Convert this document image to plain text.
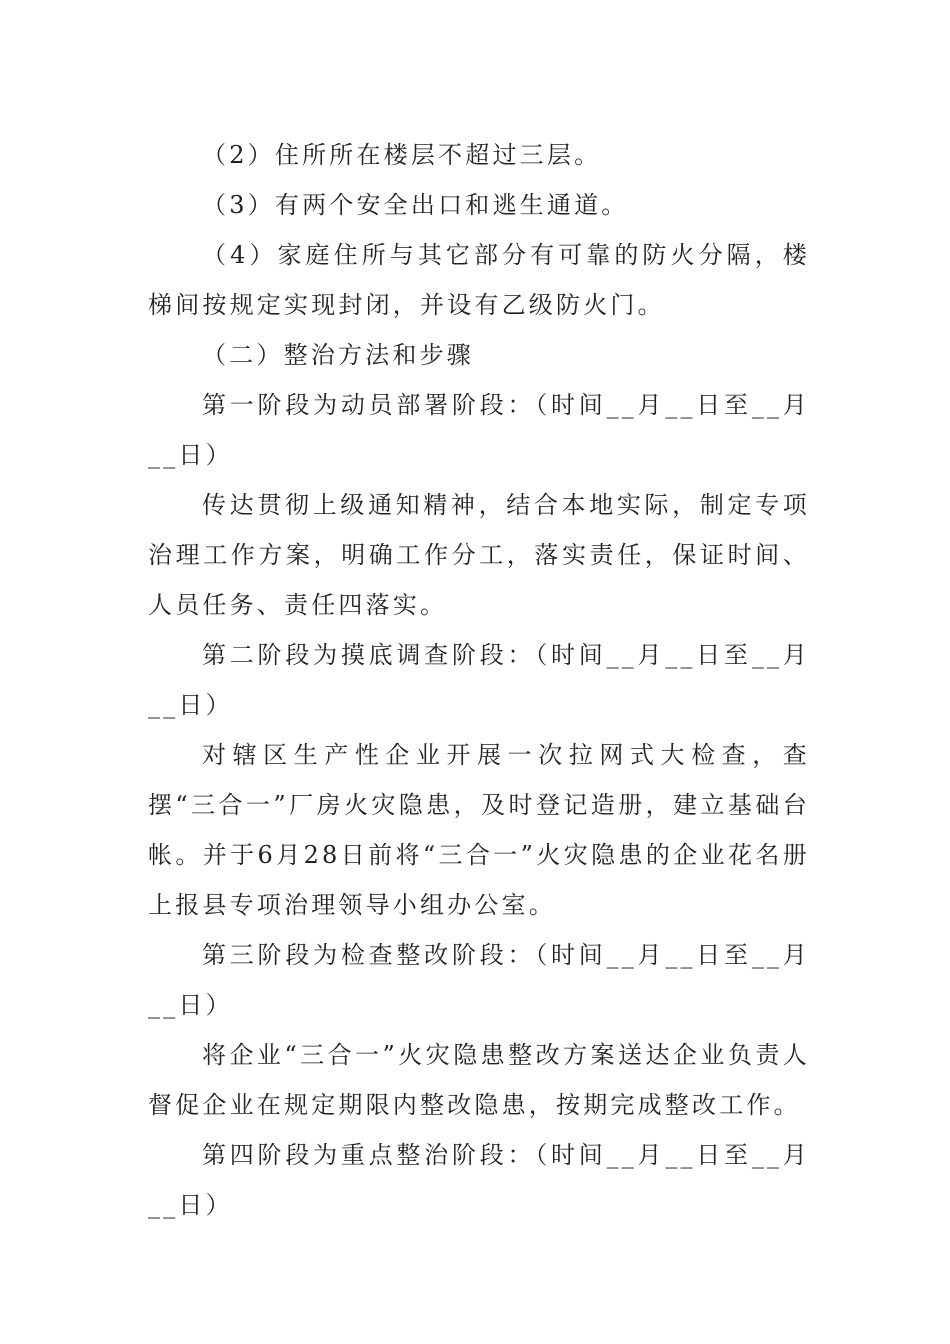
（2）住所所在楼层不超过三层。

（3）有两个安全出口和逃生通道。

（4）家庭住所与其它部分有可靠的防火分隔，楼梯间按规定实现封闭，并设有乙级防火门。

（二）整治方法和步骤

第一阶段为动员部署阶段：（时间__月__日至__月__日）

传达贯彻上级通知精神，结合本地实际，制定专项治理工作方案，明确工作分工，落实责任，保证时间、人员任务、责任四落实。

第二阶段为摸底调查阶段：（时间__月__日至__月__日）

对辖区生产性企业开展一次拉网式大检查，查摆“三合一”厂房火灾隐患，及时登记造册，建立基础台帐。并于6月28日前将“三合一”火灾隐患的企业花名册上报县专项治理领导小组办公室。

第三阶段为检查整改阶段：（时间__月__日至__月__日）

将企业“三合一”火灾隐患整改方案送达企业负责人督促企业在规定期限内整改隐患，按期完成整改工作。

第四阶段为重点整治阶段：（时间__月__日至__月__日）
